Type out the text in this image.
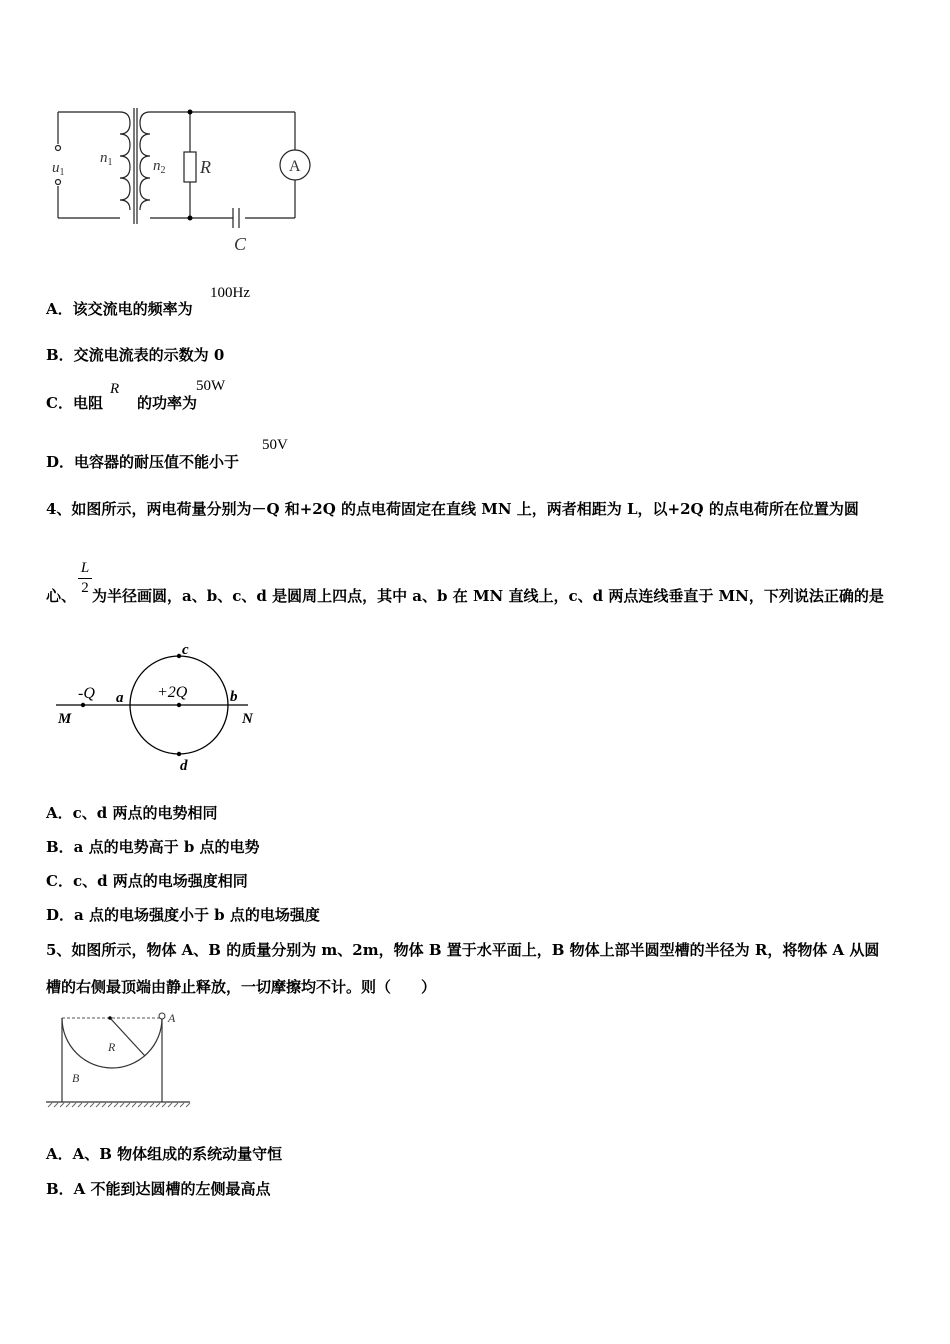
$u_1$
$n_1$	$n_2$ R	A
C
A．该交流电的频率为
100Hz
B．交流电流表的示数为 0
C．电阻 的功率为
R	50W
D．电容器的耐压值不能小于
50V
4、如图所示，两电荷量分别为－Q 和+2Q 的点电荷固定在直线 MN 上，两者相距为 L，以+2Q 的点电荷所在位置为圆
心、 为半径画圆，a、b、c、d 是圆周上四点，其中 a、b 在 MN 直线上，c、d 两点连线垂直于 MN，下列说法正确的是
L
2
-Q	+2Q
a	b
c
d
M	N
A．c、d 两点的电势相同
B．a 点的电势高于 b 点的电势
C．c、d 两点的电场强度相同
D．a 点的电场强度小于 b 点的电场强度
5、如图所示，物体 A、B 的质量分别为 m、2m，物体 B 置于水平面上，B 物体上部半圆型槽的半径为 R，将物体 A 从圆
槽的右侧最顶端由静止释放，一切摩擦均不计。则（　　）
A
R
B
A．A、B 物体组成的系统动量守恒
B．A 不能到达圆槽的左侧最高点
